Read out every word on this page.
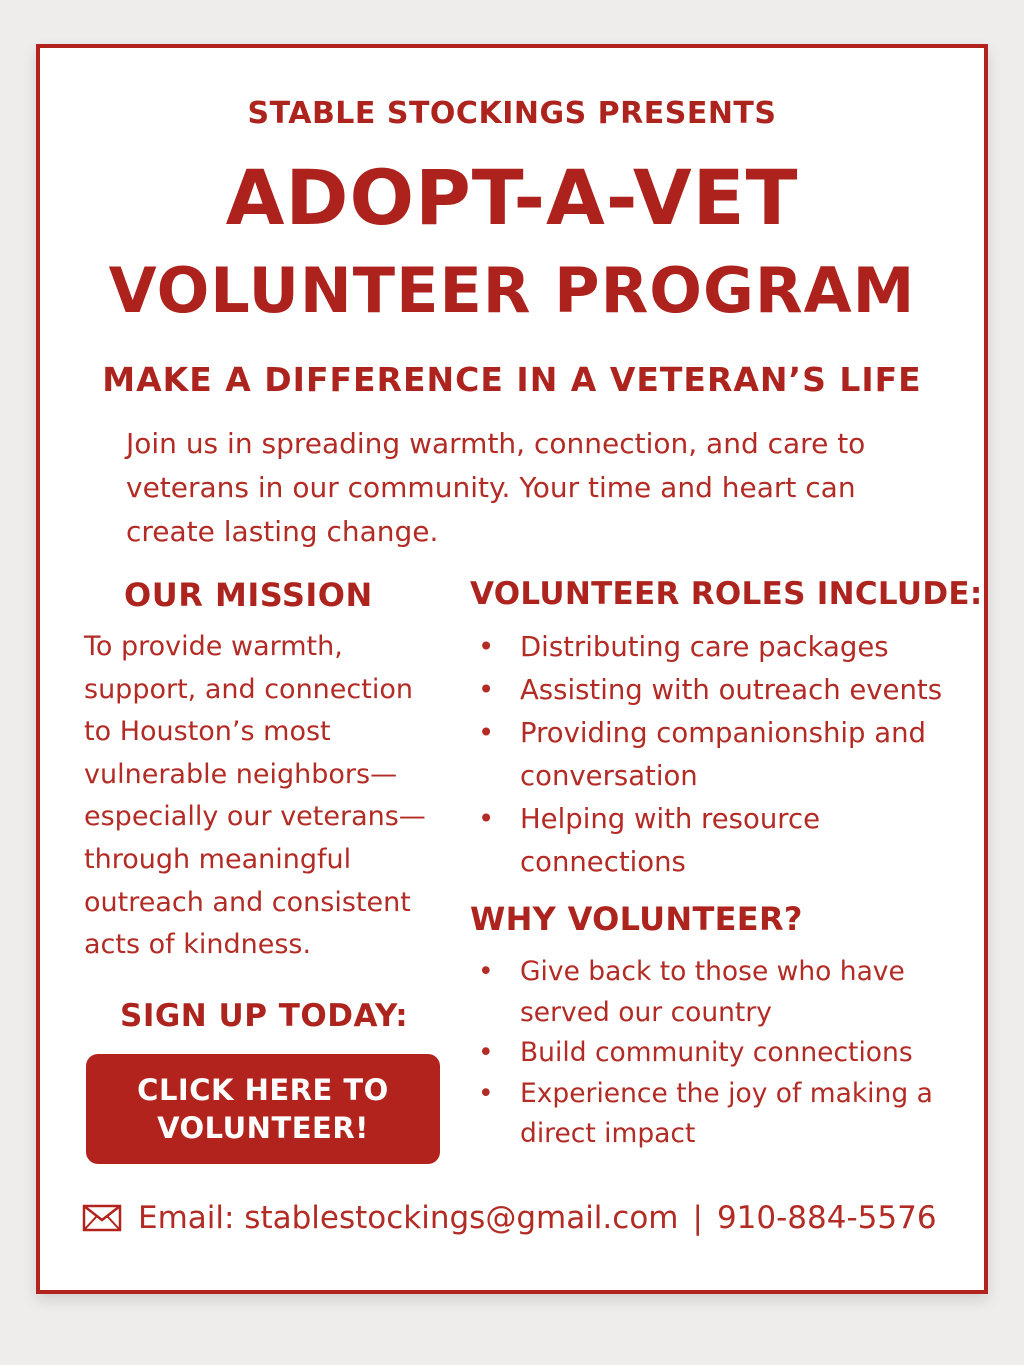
STABLE STOCKINGS PRESENTS
ADOPT-A-VET
VOLUNTEER PROGRAM
MAKE A DIFFERENCE IN A VETERAN’S LIFE
Join us in spreading warmth, connection, and care to veterans in our community. Your time and heart can create lasting change.
OUR MISSION
To provide warmth, support, and connection to Houston’s most vulnerable neighbors—especially our veterans—through meaningful outreach and consistent acts of kindness.
VOLUNTEER ROLES INCLUDE:
• Distributing care packages
• Assisting with outreach events
• Providing companionship and conversation
• Helping with resource connections
WHY VOLUNTEER?
• Give back to those who have served our country
• Build community connections
• Experience the joy of making a direct impact
SIGN UP TODAY:
CLICK HERE TO VOLUNTEER!
Email: stablestockings@gmail.com | 910-884-5576
